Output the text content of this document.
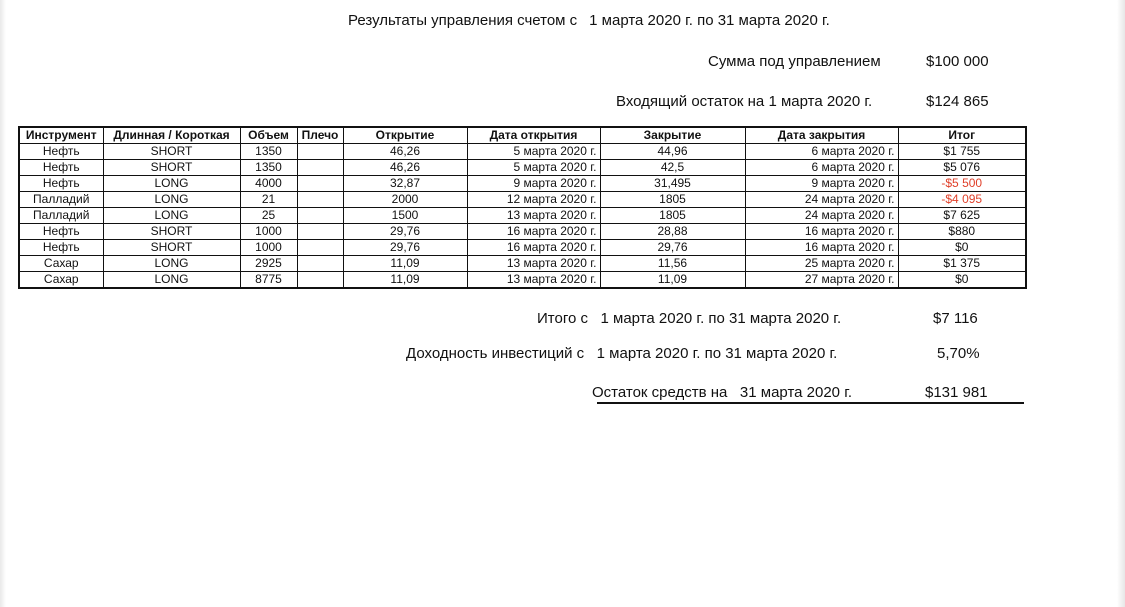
Результаты управления счетом с 1 марта 2020 г. по 31 марта 2020 г.
Сумма под управлением	$100 000
Входящий остаток на 1 марта 2020 г.	$124 865
Инструмент	Длинная / Короткая	Объем	Плечо	Открытие	Дата открытия	Закрытие	Дата закрытия	Итог
Нефть	SHORT	1350		46,26	5 марта 2020 г.	44,96	6 марта 2020 г.	$1 755
Нефть	SHORT	1350		46,26	5 марта 2020 г.	42,5	6 марта 2020 г.	$5 076
Нефть	LONG	4000		32,87	9 марта 2020 г.	31,495	9 марта 2020 г.	-$5 500
Палладий	LONG	21		2000	12 марта 2020 г.	1805	24 марта 2020 г.	-$4 095
Палладий	LONG	25		1500	13 марта 2020 г.	1805	24 марта 2020 г.	$7 625
Нефть	SHORT	1000		29,76	16 марта 2020 г.	28,88	16 марта 2020 г.	$880
Нефть	SHORT	1000		29,76	16 марта 2020 г.	29,76	16 марта 2020 г.	$0
Сахар	LONG	2925		11,09	13 марта 2020 г.	11,56	25 марта 2020 г.	$1 375
Сахар	LONG	8775		11,09	13 марта 2020 г.	11,09	27 марта 2020 г.	$0
Итого с 1 марта 2020 г. по 31 марта 2020 г.	$7 116
Доходность инвестиций с 1 марта 2020 г. по 31 марта 2020 г.	5,70%
Остаток средств на 31 марта 2020 г.	$131 981
